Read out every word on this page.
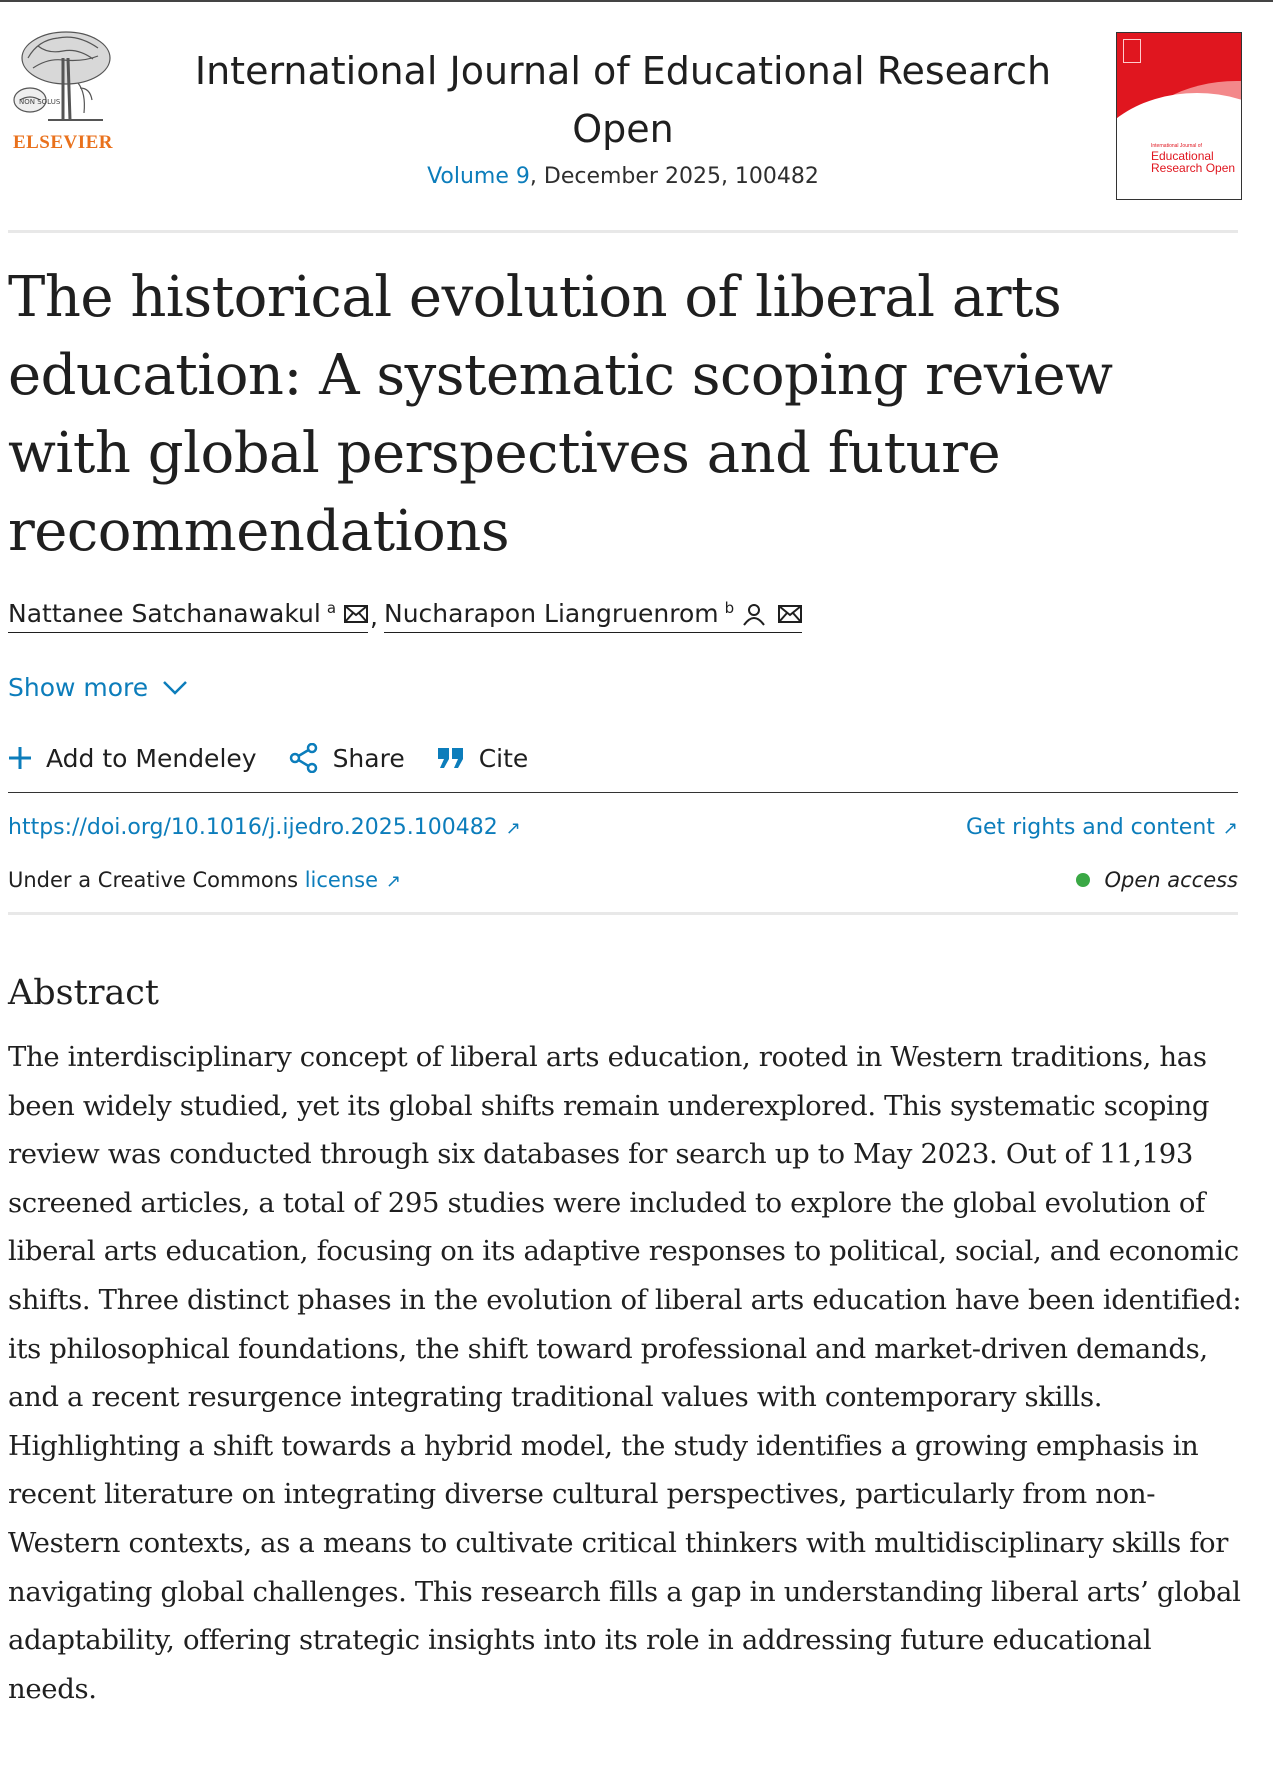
NON SOLUS
ELSEVIER
International Journal of Educational Research Open
Volume 9, December 2025, 100482
International Journal of
Educational Research Open
The historical evolution of liberal arts education: A systematic scoping review with global perspectives and future recommendations
Nattanee Satchanawakul $^a$ , Nucharapon Liangruenrom $^b$
Show more
Add to Mendeley	Share	Cite
https://doi.org/10.1016/j.ijedro.2025.100482 ↗	Get rights and content ↗
Under a Creative Commons license ↗	Open access
Abstract
The interdisciplinary concept of liberal arts education, rooted in Western traditions, has been widely studied, yet its global shifts remain underexplored. This systematic scoping review was conducted through six databases for search up to May 2023. Out of 11,193 screened articles, a total of 295 studies were included to explore the global evolution of liberal arts education, focusing on its adaptive responses to political, social, and economic shifts. Three distinct phases in the evolution of liberal arts education have been identified: its philosophical foundations, the shift toward professional and market-driven demands, and a recent resurgence integrating traditional values with contemporary skills. Highlighting a shift towards a hybrid model, the study identifies a growing emphasis in recent literature on integrating diverse cultural perspectives, particularly from non-Western contexts, as a means to cultivate critical thinkers with multidisciplinary skills for navigating global challenges. This research fills a gap in understanding liberal arts’ global adaptability, offering strategic insights into its role in addressing future educational needs.
